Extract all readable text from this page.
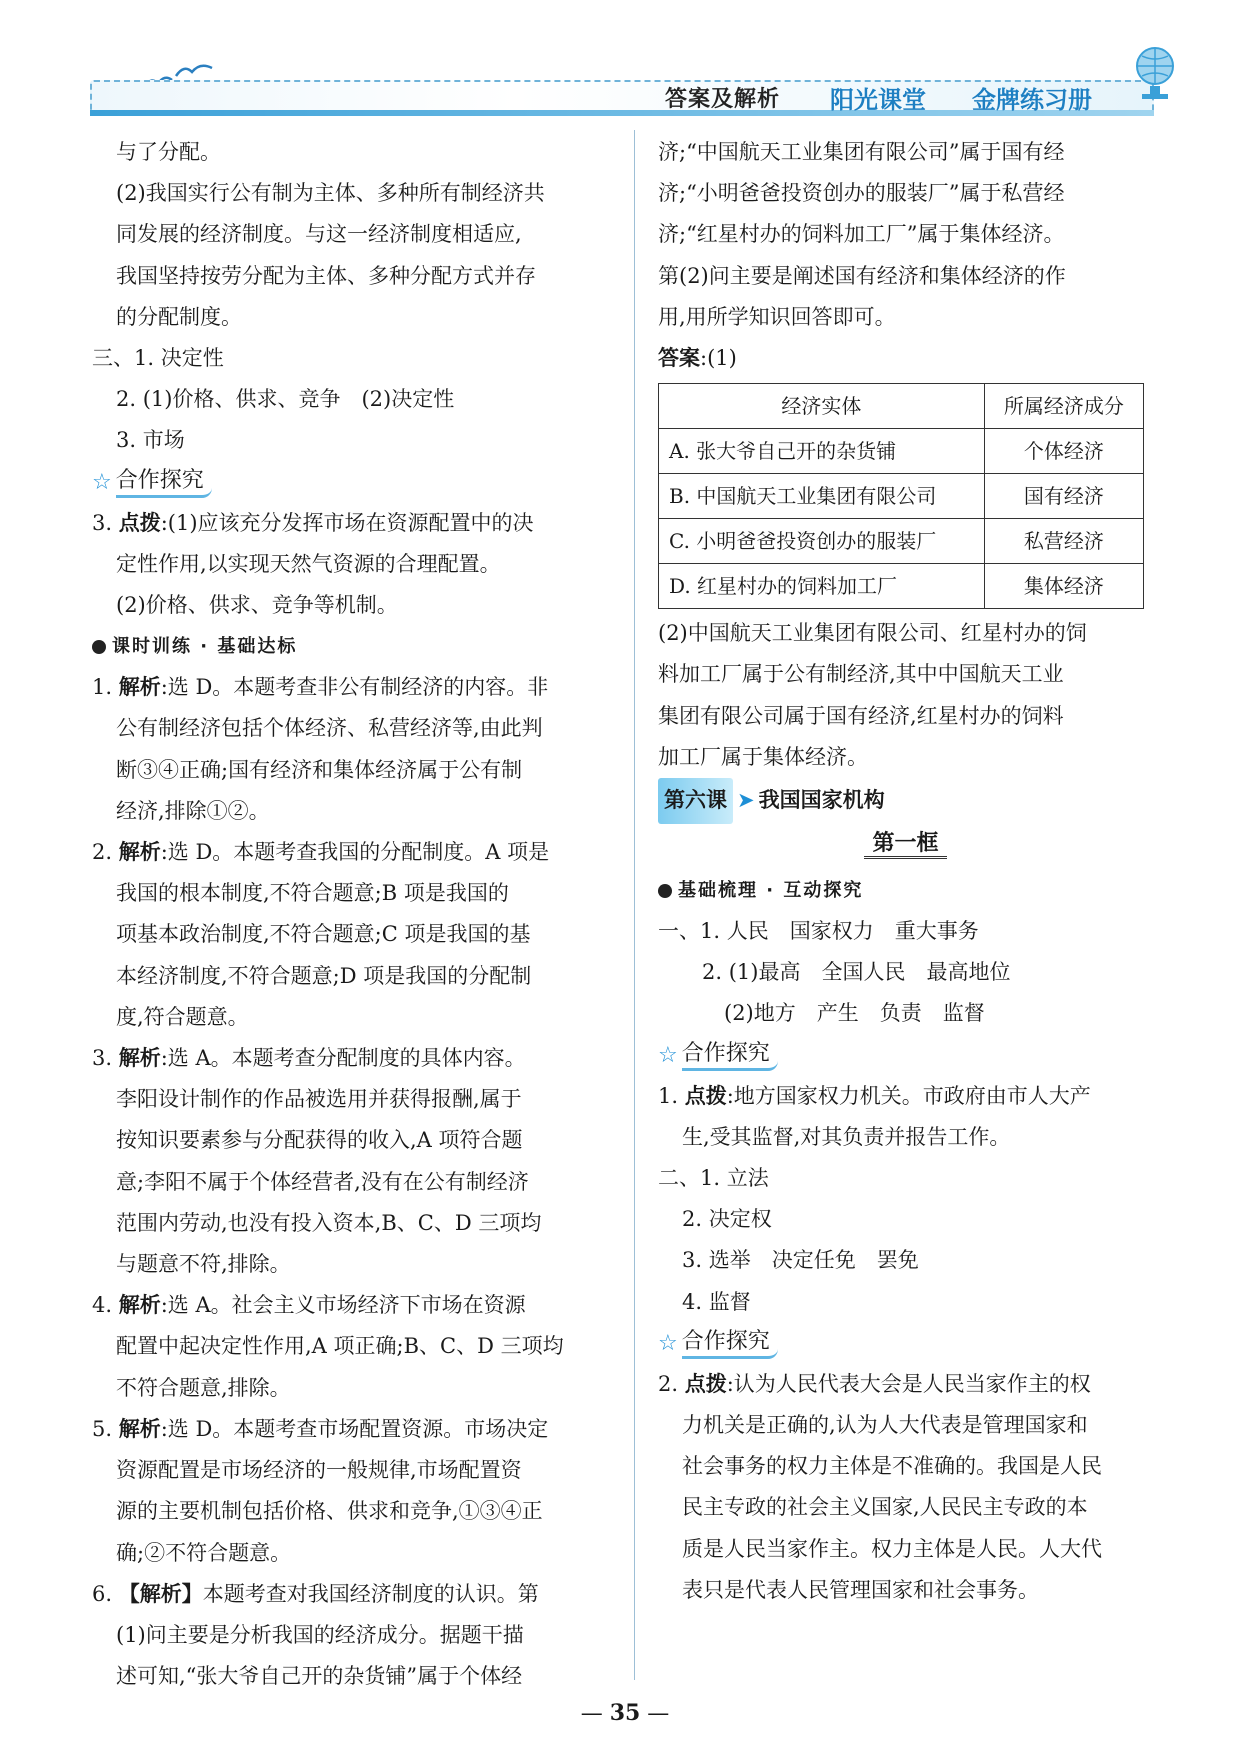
答案及解析 阳光课堂 金牌练习册

与了分配。

(2)我国实行公有制为主体、多种所有制经济共

同发展的经济制度。与这一经济制度相适应,

我国坚持按劳分配为主体、多种分配方式并存

的分配制度。

三、1. 决定性

2. (1)价格、供求、竞争　(2)决定性

3. 市场

☆ 合作探究

3. 点拨:(1)应该充分发挥市场在资源配置中的决

定性作用,以实现天然气资源的合理配置。

(2)价格、供求、竞争等机制。

课时训练 · 基础达标

1. 解析:选 D。本题考查非公有制经济的内容。非

公有制经济包括个体经济、私营经济等,由此判

断③④正确;国有经济和集体经济属于公有制

经济,排除①②。

2. 解析:选 D。本题考查我国的分配制度。A 项是

我国的根本制度,不符合题意;B 项是我国的

项基本政治制度,不符合题意;C 项是我国的基

本经济制度,不符合题意;D 项是我国的分配制

度,符合题意。

3. 解析:选 A。本题考查分配制度的具体内容。

李阳设计制作的作品被选用并获得报酬,属于

按知识要素参与分配获得的收入,A 项符合题

意;李阳不属于个体经营者,没有在公有制经济

范围内劳动,也没有投入资本,B、C、D 三项均

与题意不符,排除。

4. 解析:选 A。社会主义市场经济下市场在资源

配置中起决定性作用,A 项正确;B、C、D 三项均

不符合题意,排除。

5. 解析:选 D。本题考查市场配置资源。市场决定

资源配置是市场经济的一般规律,市场配置资

源的主要机制包括价格、供求和竞争,①③④正

确;②不符合题意。

6. 【解析】本题考查对我国经济制度的认识。第

(1)问主要是分析我国的经济成分。据题干描

述可知,“张大爷自己开的杂货铺”属于个体经

济;“中国航天工业集团有限公司”属于国有经

济;“小明爸爸投资创办的服装厂”属于私营经

济;“红星村办的饲料加工厂”属于集体经济。

第(2)问主要是阐述国有经济和集体经济的作

用,用所学知识回答即可。

答案:(1)

经济实体	所属经济成分
A. 张大爷自己开的杂货铺	个体经济
B. 中国航天工业集团有限公司	国有经济
C. 小明爸爸投资创办的服装厂	私营经济
D. 红星村办的饲料加工厂	集体经济

(2)中国航天工业集团有限公司、红星村办的饲

料加工厂属于公有制经济,其中中国航天工业

集团有限公司属于国有经济,红星村办的饲料

加工厂属于集体经济。

第六课 ➤ 我国国家机构
第一框
基础梳理 · 互动探究

一、1. 人民　国家权力　重大事务

2. (1)最高　全国人民　最高地位

(2)地方　产生　负责　监督

☆ 合作探究

1. 点拨:地方国家权力机关。市政府由市人大产

生,受其监督,对其负责并报告工作。

二、1. 立法

2. 决定权

3. 选举　决定任免　罢免

4. 监督

☆ 合作探究

2. 点拨:认为人民代表大会是人民当家作主的权

力机关是正确的,认为人大代表是管理国家和

社会事务的权力主体是不准确的。我国是人民

民主专政的社会主义国家,人民民主专政的本

质是人民当家作主。权力主体是人民。人大代

表只是代表人民管理国家和社会事务。

— 35 —
